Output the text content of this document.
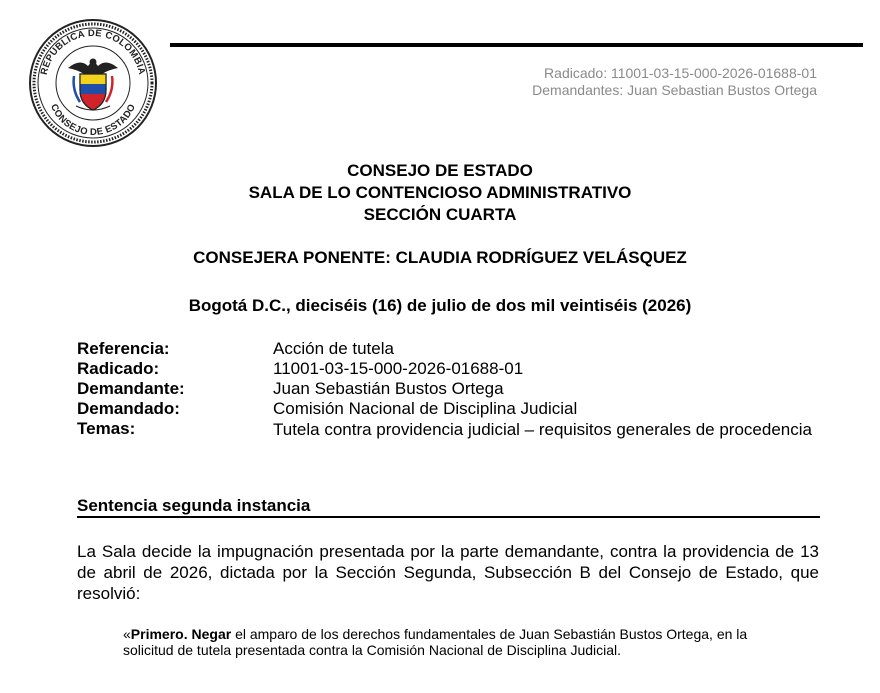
REPÚBLICA DE COLOMBIA
CONSEJO DE ESTADO
Radicado: 11001-03-15-000-2026-01688-01
Demandantes: Juan Sebastian Bustos Ortega
CONSEJO DE ESTADO
SALA DE LO CONTENCIOSO ADMINISTRATIVO
SECCIÓN CUARTA
CONSEJERA PONENTE: CLAUDIA RODRÍGUEZ VELÁSQUEZ
Bogotá D.C., dieciséis (16) de julio de dos mil veintiséis (2026)
Referencia:	Acción de tutela
Radicado:	11001-03-15-000-2026-01688-01
Demandante:	Juan Sebastián Bustos Ortega
Demandado:	Comisión Nacional de Disciplina Judicial
Temas:	Tutela contra providencia judicial – requisitos generales de procedencia
Sentencia segunda instancia

La Sala decide la impugnación presentada por la parte demandante, contra la providencia de 13 de abril de 2026, dictada por la Sección Segunda, Subsección B del Consejo de Estado, que resolvió:

«Primero. Negar el amparo de los derechos fundamentales de Juan Sebastián Bustos Ortega, en la solicitud de tutela presentada contra la Comisión Nacional de Disciplina Judicial.
